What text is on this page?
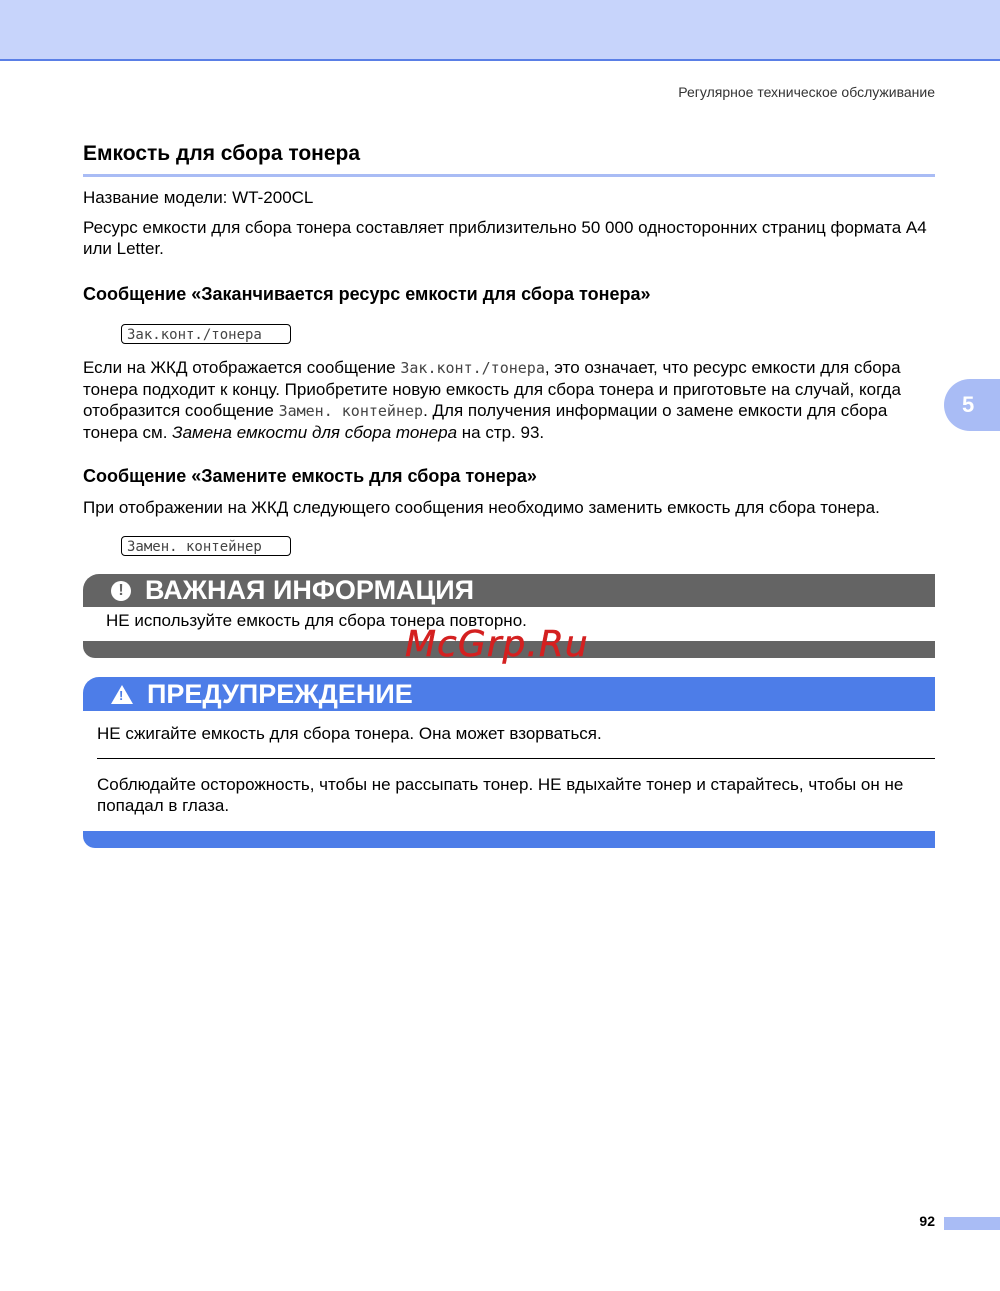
Регулярное техническое обслуживание
Емкость для сбора тонера
Название модели: WT-200CL
Ресурс емкости для сбора тонера составляет приблизительно 50 000 односторонних страниц формата A4 или Letter.
Сообщение «Заканчивается ресурс емкости для сбора тонера»
Зак.конт./тонера
Если на ЖКД отображается сообщение Зак.конт./тонера, это означает, что ресурс емкости для сбора тонера подходит к концу. Приобретите новую емкость для сбора тонера и приготовьте на случай, когда отобразится сообщение Замен. контейнер. Для получения информации о замене емкости для сбора тонера см. Замена емкости для сбора тонера на стр. 93.
5
Сообщение «Замените емкость для сбора тонера»
При отображении на ЖКД следующего сообщения необходимо заменить емкость для сбора тонера.
Замен. контейнер
! ВАЖНАЯ ИНФОРМАЦИЯ
НЕ используйте емкость для сбора тонера повторно.
McGrp.Ru
! ПРЕДУПРЕЖДЕНИЕ
НЕ сжигайте емкость для сбора тонера. Она может взорваться.
Соблюдайте осторожность, чтобы не рассыпать тонер. НЕ вдыхайте тонер и старайтесь, чтобы он не попадал в глаза.
92
